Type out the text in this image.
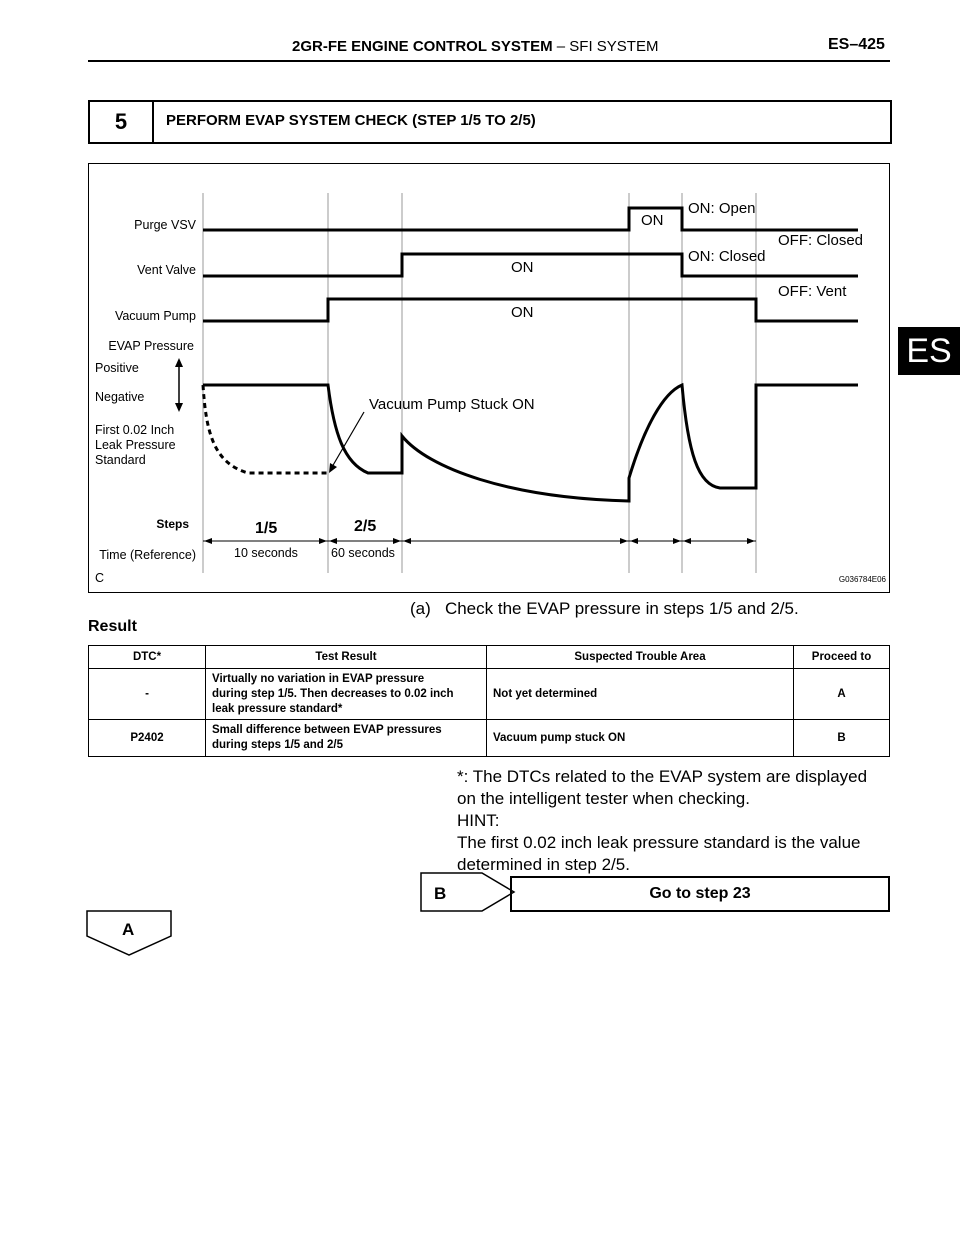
2GR-FE ENGINE CONTROL SYSTEM – SFI SYSTEM	ES–425
ES
5	PERFORM EVAP SYSTEM CHECK (STEP 1/5 TO 2/5)
Purge VSV
Vent Valve
Vacuum Pump
EVAP Pressure
Positive
Negative
First 0.02 Inch
Leak Pressure
Standard
Steps
Time (Reference)
C	G036784E06
ON
ON: Open
OFF: Closed
ON
ON: Closed
OFF: Vent
ON
Vacuum Pump Stuck ON
1/5	2/5
10 seconds	60 seconds
(a)   Check the EVAP pressure in steps 1/5 and 2/5.
Result
DTC*	Test Result	Suspected Trouble Area	Proceed to
-	Virtually no variation in EVAP pressure
during step 1/5. Then decreases to 0.02 inch
leak pressure standard*	Not yet determined	A
P2402	Small difference between EVAP pressures
during steps 1/5 and 2/5	Vacuum pump stuck ON	B
*: The DTCs related to the EVAP system are displayed
on the intelligent tester when checking.
HINT:
The first 0.02 inch leak pressure standard is the value
determined in step 2/5.
B	Go to step 23
A
